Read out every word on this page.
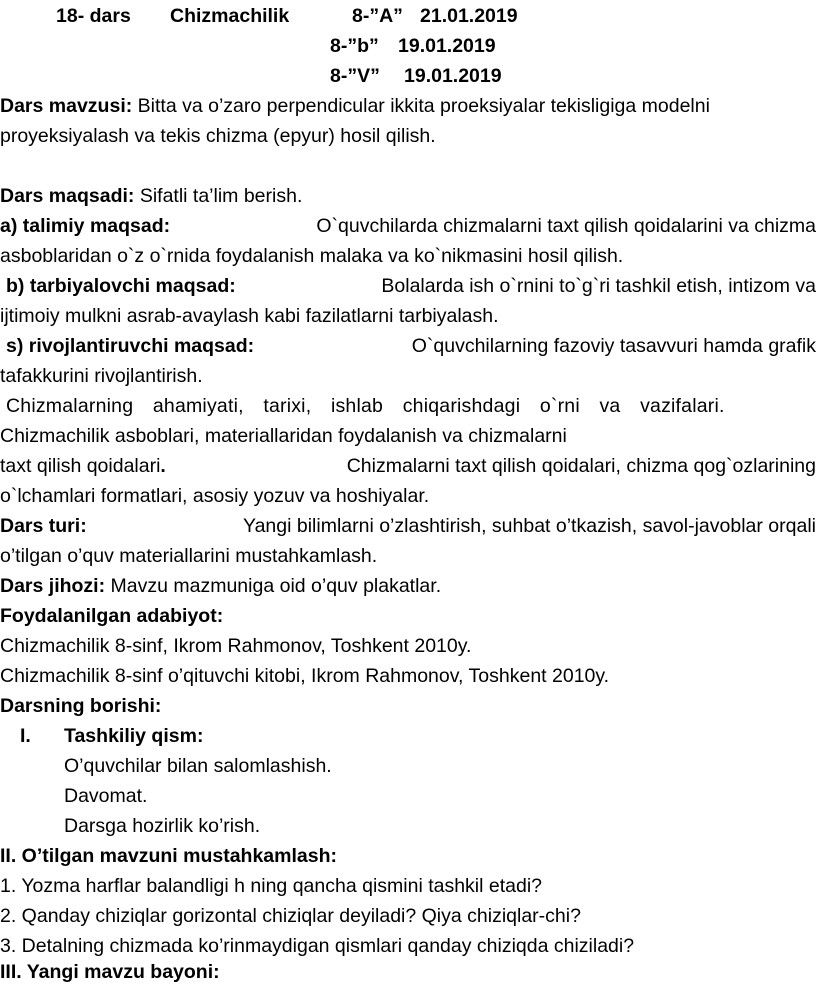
18- dars Chizmachilik	8-”A” 21.01.2019
8-”b” 19.01.2019
8-”V” 19.01.2019
Dars mavzusi: Bitta va o’zaro perpendicular ikkita proeksiyalar tekisligiga modelni
proyeksiyalash va tekis chizma (epyur) hosil qilish.
Dars maqsadi: Sifatli ta’lim berish.
a) talimiy maqsad:	O`quvchilarda chizmalarni taxt qilish qoidalarini va chizma
asboblaridan o`z o`rnida foydalanish malaka va ko`nikmasini hosil qilish.
b) tarbiyalovchi maqsad:	Bolalarda ish o`rnini to`g`ri tashkil etish, intizom va
ijtimoiy mulkni asrab-avaylash kabi fazilatlarni tarbiyalash.
s) rivojlantiruvchi maqsad:	O`quvchilarning fazoviy tasavvuri hamda grafik
tafakkurini rivojlantirish.
Chizmalarning ahamiyati, tarixi, ishlab chiqarishdagi o`rni va vazifalari.
Chizmachilik asboblari, materiallaridan foydalanish va chizmalarni
taxt qilish qoidalari.	Chizmalarni taxt qilish qoidalari, chizma qog`ozlarining
o`lchamlari formatlari, asosiy yozuv va hoshiyalar.
Dars turi:	Yangi bilimlarni o’zlashtirish, suhbat o’tkazish, savol-javoblar orqali
o’tilgan o’quv materiallarini mustahkamlash.
Dars jihozi: Mavzu mazmuniga oid o’quv plakatlar.
Foydalanilgan adabiyot:
Chizmachilik 8-sinf, Ikrom Rahmonov, Toshkent 2010y.
Chizmachilik 8-sinf o’qituvchi kitobi, Ikrom Rahmonov, Toshkent 2010y.
Darsning borishi:
I. Tashkiliy qism:
O’quvchilar bilan salomlashish.
Davomat.
Darsga hozirlik ko’rish.
II. O’tilgan mavzuni mustahkamlash:
1. Yozma harflar balandligi h ning qancha qismini tashkil etadi?
2. Qanday chiziqlar gorizontal chiziqlar deyiladi? Qiya chiziqlar-chi?
3. Detalning chizmada ko’rinmaydigan qismlari qanday chiziqda chiziladi?
III. Yangi mavzu bayoni:
